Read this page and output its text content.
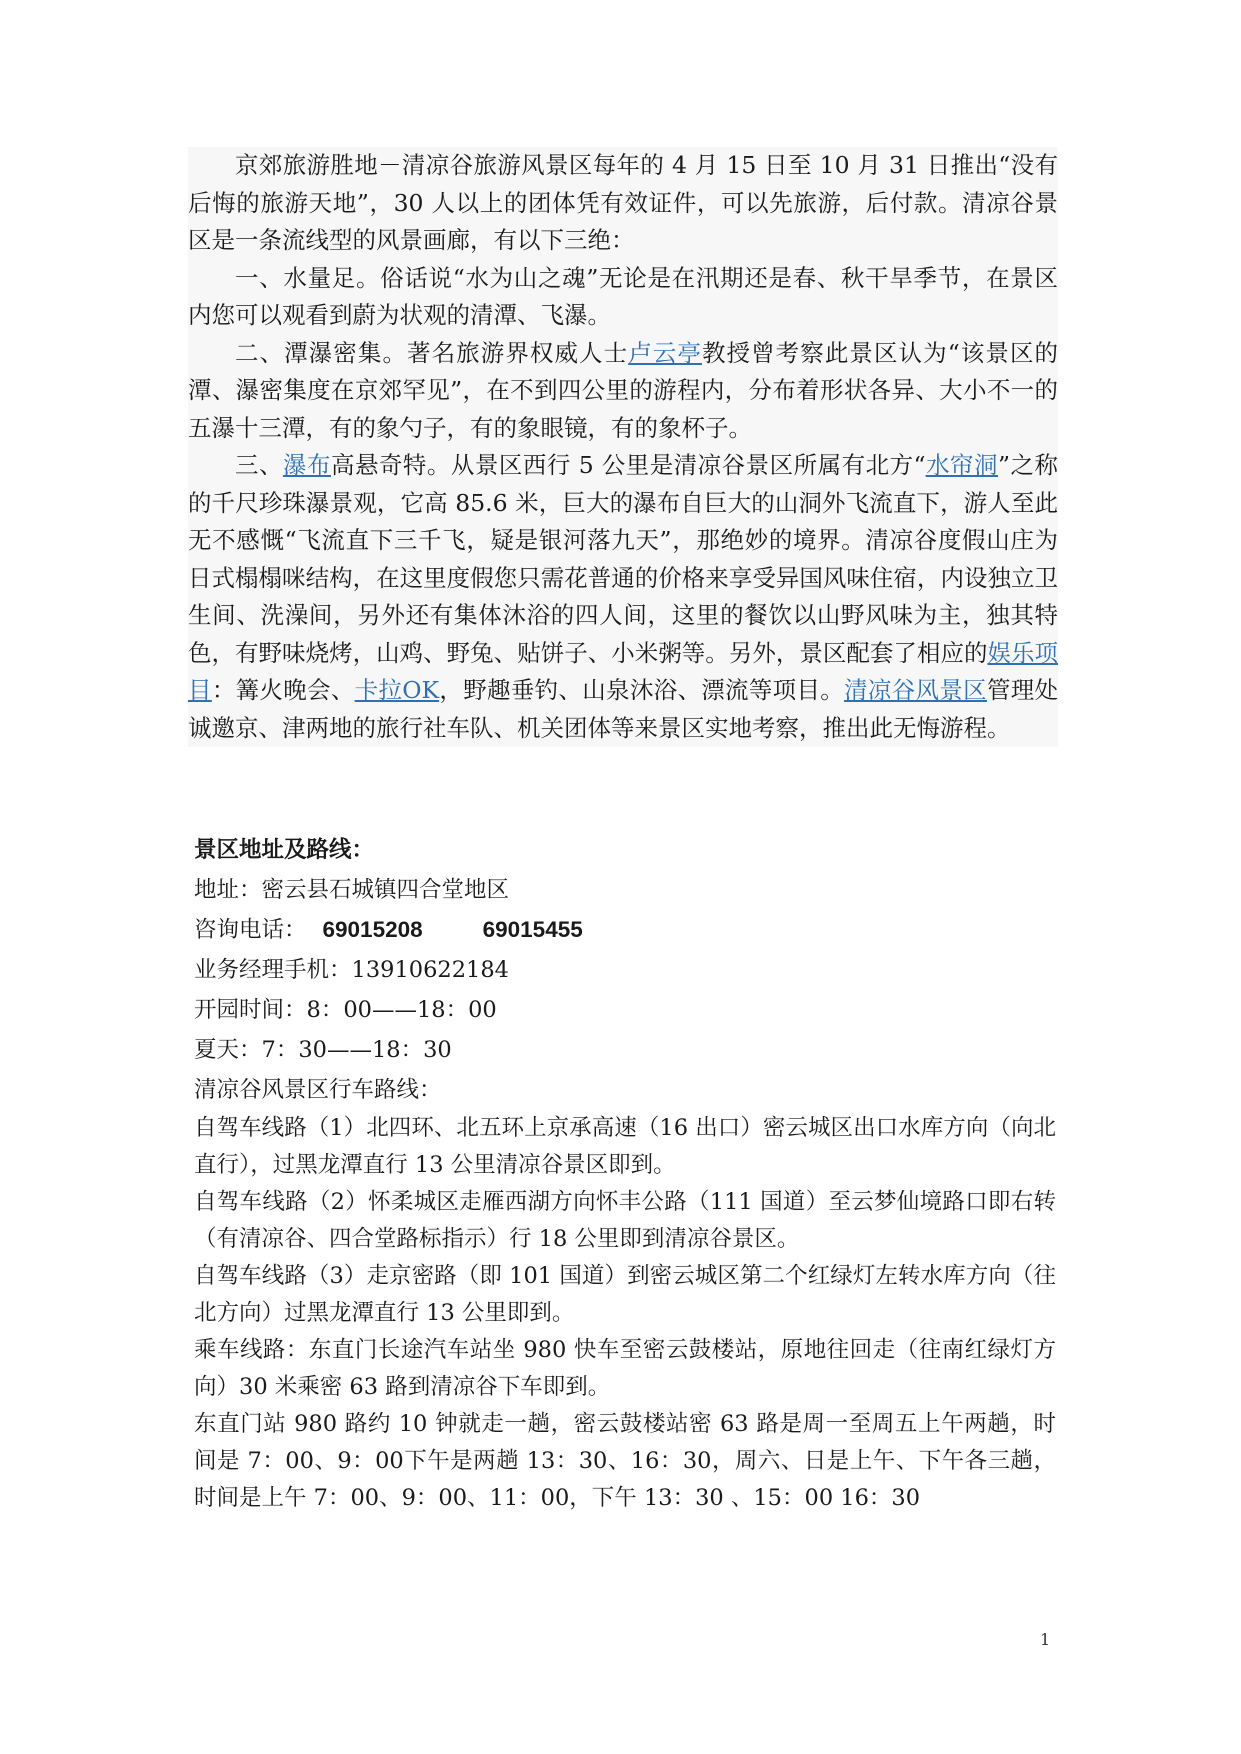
京郊旅游胜地－清凉谷旅游风景区每年的 4 月 15 日至 10 月 31 日推出“没有后悔的旅游天地”，30 人以上的团体凭有效证件，可以先旅游，后付款。清凉谷景区是一条流线型的风景画廊，有以下三绝：

一、水量足。俗话说“水为山之魂”无论是在汛期还是春、秋干旱季节，在景区内您可以观看到蔚为状观的清潭、飞瀑。

二、潭瀑密集。著名旅游界权威人士卢云亭教授曾考察此景区认为“该景区的潭、瀑密集度在京郊罕见”，在不到四公里的游程内，分布着形状各异、大小不一的五瀑十三潭，有的象勺子，有的象眼镜，有的象杯子。

三、瀑布高悬奇特。从景区西行 5 公里是清凉谷景区所属有北方“水帘洞”之称的千尺珍珠瀑景观，它高 85.6 米，巨大的瀑布自巨大的山洞外飞流直下，游人至此无不感慨“飞流直下三千飞，疑是银河落九天”，那绝妙的境界。清凉谷度假山庄为日式榻榻咪结构，在这里度假您只需花普通的价格来享受异国风味住宿，内设独立卫生间、洗澡间，另外还有集体沐浴的四人间，这里的餐饮以山野风味为主，独其特色，有野味烧烤，山鸡、野兔、贴饼子、小米粥等。另外，景区配套了相应的娱乐项目：篝火晚会、卡拉OK，野趣垂钓、山泉沐浴、漂流等项目。清凉谷风景区管理处诚邀京、津两地的旅行社车队、机关团体等来景区实地考察，推出此无悔游程。

景区地址及路线：
地址：密云县石城镇四合堂地区
咨询电话： 69015208	69015455
业务经理手机：13910622184
开园时间：8：00——18：00
夏天：7：30——18：30
清凉谷风景区行车路线：

自驾车线路（1）北四环、北五环上京承高速（16 出口）密云城区出口水库方向（向北直行），过黑龙潭直行 13 公里清凉谷景区即到。

自驾车线路（2）怀柔城区走雁西湖方向怀丰公路（111 国道）至云梦仙境路口即右转（有清凉谷、四合堂路标指示）行 18 公里即到清凉谷景区。

自驾车线路（3）走京密路（即 101 国道）到密云城区第二个红绿灯左转水库方向（往北方向）过黑龙潭直行 13 公里即到。

乘车线路：东直门长途汽车站坐 980 快车至密云鼓楼站，原地往回走（往南红绿灯方向）30 米乘密 63 路到清凉谷下车即到。

东直门站 980 路约 10 钟就走一趟，密云鼓楼站密 63 路是周一至周五上午两趟，时间是 7：00、9：00下午是两趟 13：30、16：30，周六、日是上午、下午各三趟，时间是上午 7：00、9：00、11：00，下午 13：30 、15：00 16：30

1
